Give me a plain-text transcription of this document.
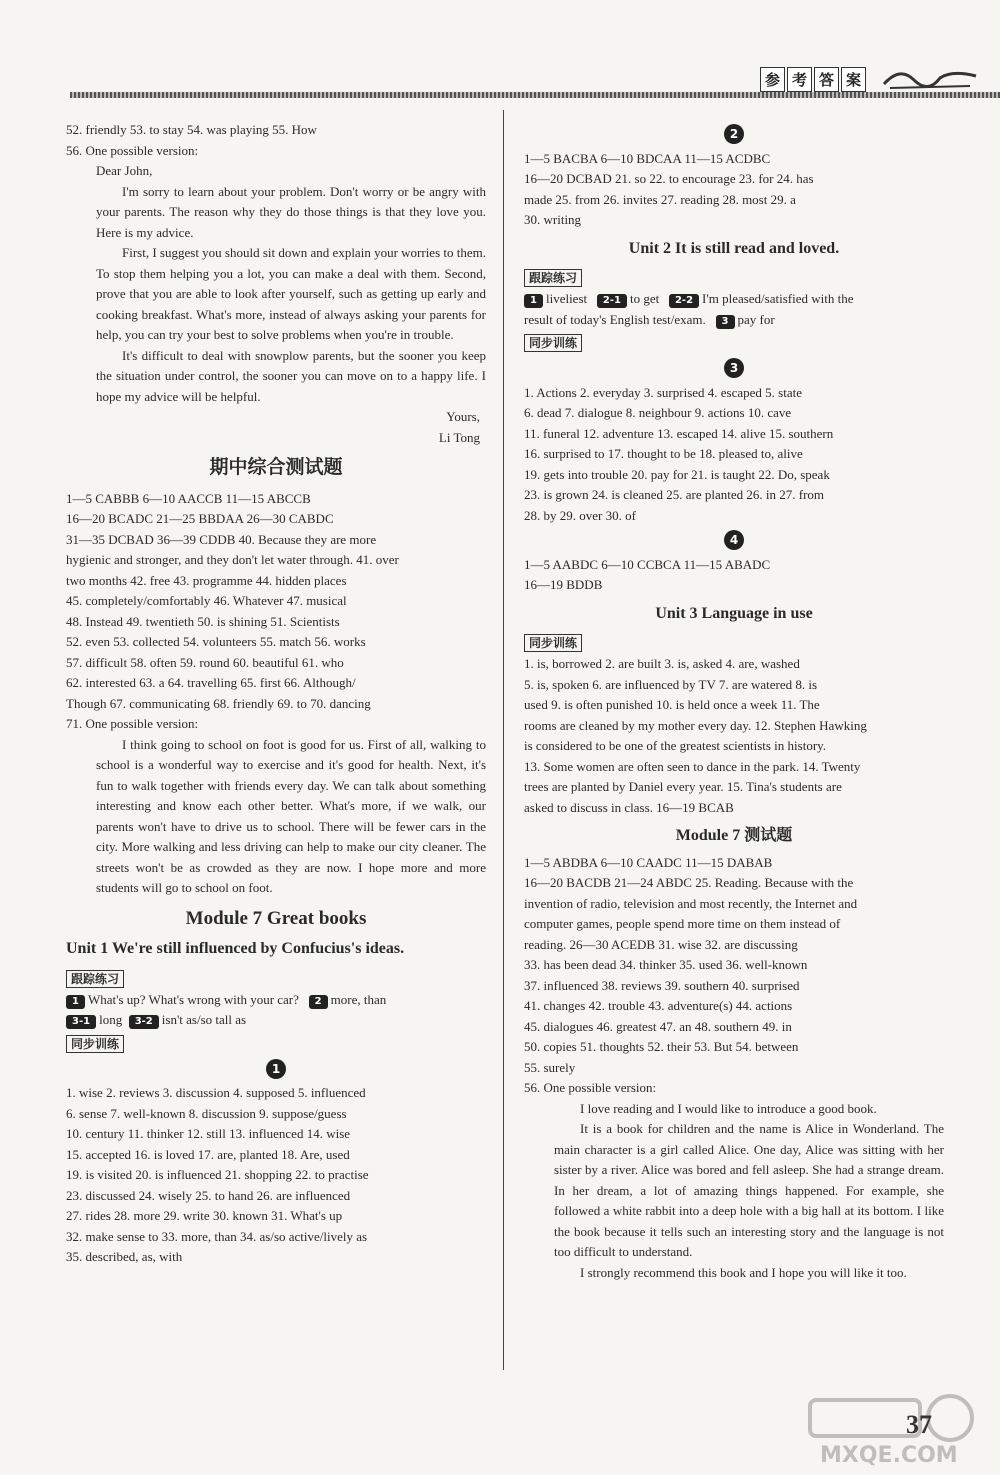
参 考 答 案
52. friendly 53. to stay 54. was playing 55. How
56. One possible version:
Dear John,
I'm sorry to learn about your problem. Don't worry or be angry with your parents. The reason why they do those things is that they love you. Here is my advice.
First, I suggest you should sit down and explain your worries to them. To stop them helping you a lot, you can make a deal with them. Second, prove that you are able to look after yourself, such as getting up early and cooking breakfast. What's more, instead of always asking your parents for help, you can try your best to solve problems when you're in trouble.
It's difficult to deal with snowplow parents, but the sooner you keep the situation under control, the sooner you can move on to a happy life. I hope my advice will be helpful.
Yours,
Li Tong
期中综合测试题
1—5 CABBB 6—10 AACCB 11—15 ABCCB
16—20 BCADC 21—25 BBDAA 26—30 CABDC
31—35 DCBAD 36—39 CDDB 40. Because they are more
hygienic and stronger, and they don't let water through. 41. over
two months 42. free 43. programme 44. hidden places
45. completely/comfortably 46. Whatever 47. musical
48. Instead 49. twentieth 50. is shining 51. Scientists
52. even 53. collected 54. volunteers 55. match 56. works
57. difficult 58. often 59. round 60. beautiful 61. who
62. interested 63. a 64. travelling 65. first 66. Although/
Though 67. communicating 68. friendly 69. to 70. dancing
71. One possible version:
I think going to school on foot is good for us. First of all, walking to school is a wonderful way to exercise and it's good for health. Next, it's fun to walk together with friends every day. We can talk about something interesting and know each other better. What's more, if we walk, our parents won't have to drive us to school. There will be fewer cars in the city. More walking and less driving can help to make our city cleaner. The streets won't be as crowded as they are now. I hope more and more students will go to school on foot.
Module 7 Great books
Unit 1 We're still influenced by Confucius's ideas.
跟踪练习
1 What's up? What's wrong with your car? 2 more, than
3-1 long 3-2 isn't as/so tall as
同步训练
1
1. wise 2. reviews 3. discussion 4. supposed 5. influenced
6. sense 7. well-known 8. discussion 9. suppose/guess
10. century 11. thinker 12. still 13. influenced 14. wise
15. accepted 16. is loved 17. are, planted 18. Are, used
19. is visited 20. is influenced 21. shopping 22. to practise
23. discussed 24. wisely 25. to hand 26. are influenced
27. rides 28. more 29. write 30. known 31. What's up
32. make sense to 33. more, than 34. as/so active/lively as
35. described, as, with
2
1—5 BACBA 6—10 BDCAA 11—15 ACDBC
16—20 DCBAD 21. so 22. to encourage 23. for 24. has
made 25. from 26. invites 27. reading 28. most 29. a
30. writing
Unit 2 It is still read and loved.
跟踪练习
1 liveliest 2-1 to get 2-2 I'm pleased/satisfied with the
result of today's English test/exam. 3 pay for
同步训练
3
1. Actions 2. everyday 3. surprised 4. escaped 5. state
6. dead 7. dialogue 8. neighbour 9. actions 10. cave
11. funeral 12. adventure 13. escaped 14. alive 15. southern
16. surprised to 17. thought to be 18. pleased to, alive
19. gets into trouble 20. pay for 21. is taught 22. Do, speak
23. is grown 24. is cleaned 25. are planted 26. in 27. from
28. by 29. over 30. of
4
1—5 AABDC 6—10 CCBCA 11—15 ABADC
16—19 BDDB
Unit 3 Language in use
同步训练
1. is, borrowed 2. are built 3. is, asked 4. are, washed
5. is, spoken 6. are influenced by TV 7. are watered 8. is
used 9. is often punished 10. is held once a week 11. The
rooms are cleaned by my mother every day. 12. Stephen Hawking
is considered to be one of the greatest scientists in history.
13. Some women are often seen to dance in the park. 14. Twenty
trees are planted by Daniel every year. 15. Tina's students are
asked to discuss in class. 16—19 BCAB
Module 7 测试题
1—5 ABDBA 6—10 CAADC 11—15 DABAB
16—20 BACDB 21—24 ABDC 25. Reading. Because with the
invention of radio, television and most recently, the Internet and
computer games, people spend more time on them instead of
reading. 26—30 ACEDB 31. wise 32. are discussing
33. has been dead 34. thinker 35. used 36. well-known
37. influenced 38. reviews 39. southern 40. surprised
41. changes 42. trouble 43. adventure(s) 44. actions
45. dialogues 46. greatest 47. an 48. southern 49. in
50. copies 51. thoughts 52. their 53. But 54. between
55. surely
56. One possible version:
I love reading and I would like to introduce a good book.
It is a book for children and the name is Alice in Wonderland. The main character is a girl called Alice. One day, Alice was sitting with her sister by a river. Alice was bored and fell asleep. She had a strange dream. In her dream, a lot of amazing things happened. For example, she followed a white rabbit into a deep hole with a big hall at its bottom. I like the book because it tells such an interesting story and the language is not too difficult to understand.
I strongly recommend this book and I hope you will like it too.
MXQE.COM
37
